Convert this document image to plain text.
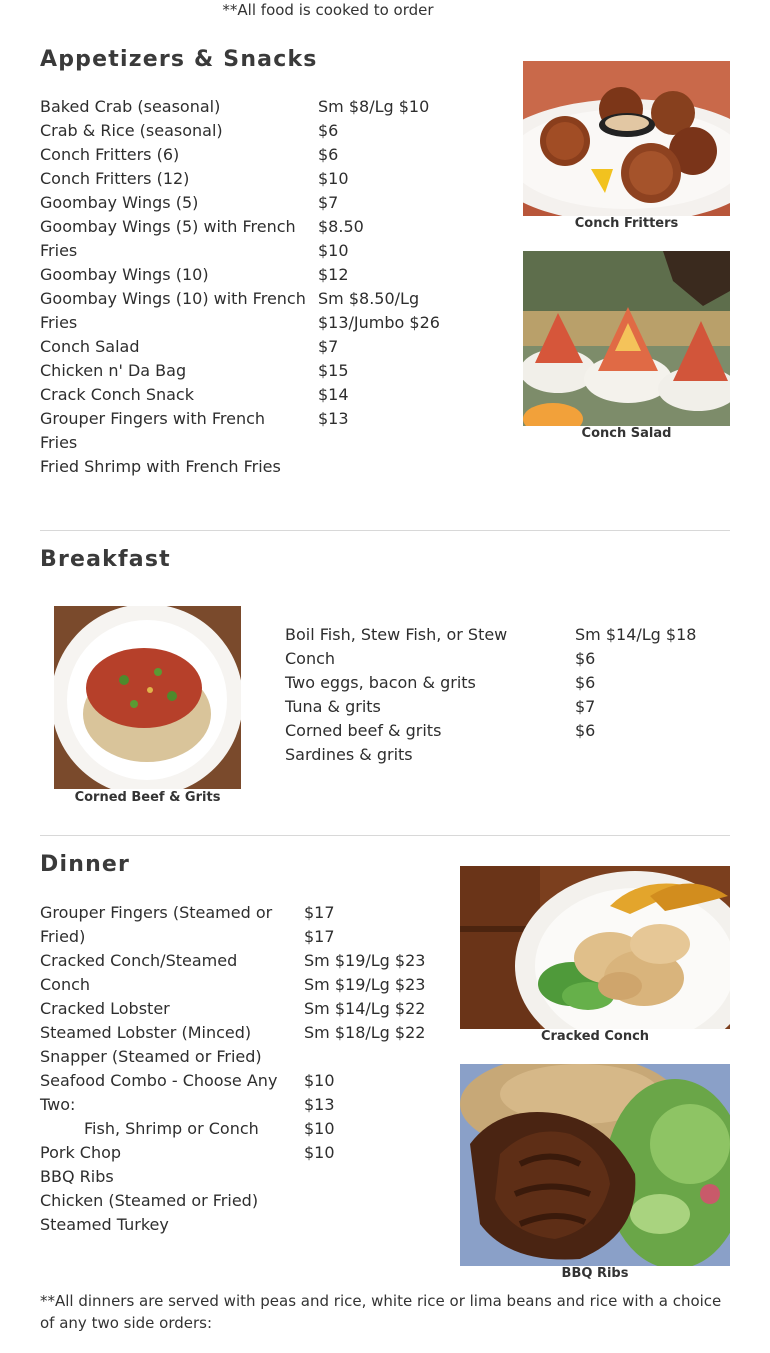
**All food is cooked to order
Appetizers & Snacks
Baked Crab (seasonal)
Crab & Rice (seasonal)
Conch Fritters (6)
Conch Fritters (12)
Goombay Wings (5)
Goombay Wings (5) with French
Fries
Goombay Wings (10)
Goombay Wings (10) with French
Fries
Conch Salad
Chicken n' Da Bag
Crack Conch Snack
Grouper Fingers with French
Fries
Fried Shrimp with French Fries
Sm $8/Lg $10
$6
$6
$10
$7
$8.50
$10
$12
Sm $8.50/Lg
$13/Jumbo $26
$7
$15
$14
$13
Conch Fritters
Conch Salad
Breakfast
Corned Beef & Grits
Boil Fish, Stew Fish, or Stew
Conch
Two eggs, bacon & grits
Tuna & grits
Corned beef & grits
Sardines & grits
Sm $14/Lg $18
$6
$6
$7
$6
Dinner
Grouper Fingers (Steamed or
Fried)
Cracked Conch/Steamed
Conch
Cracked Lobster
Steamed Lobster (Minced)
Snapper (Steamed or Fried)
Seafood Combo - Choose Any
Two:
Fish, Shrimp or Conch
Pork Chop
BBQ Ribs
Chicken (Steamed or Fried)
Steamed Turkey
$17
$17
Sm $19/Lg $23
Sm $19/Lg $23
Sm $14/Lg $22
Sm $18/Lg $22
$10
$13
$10
$10
Cracked Conch
BBQ Ribs
**All dinners are served with peas and rice, white rice or lima beans and rice with a choice of any two side orders:
